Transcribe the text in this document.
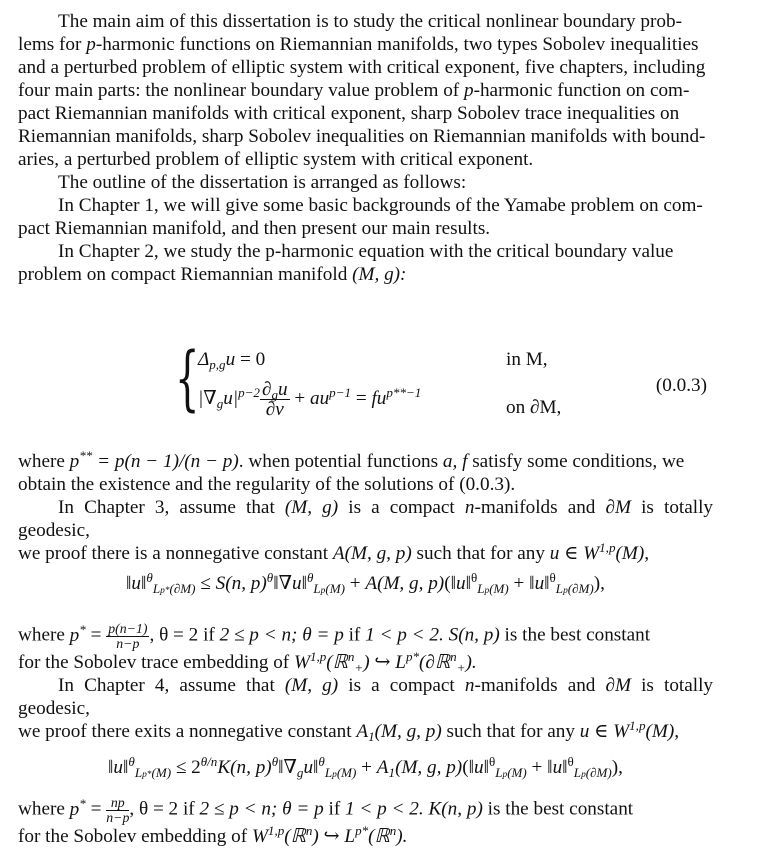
The main aim of this dissertation is to study the critical nonlinear boundary prob-

lems for p-harmonic functions on Riemannian manifolds, two types Sobolev inequalities

and a perturbed problem of elliptic system with critical exponent, five chapters, including

four main parts: the nonlinear boundary value problem of p-harmonic function on com-

pact Riemannian manifolds with critical exponent, sharp Sobolev trace inequalities on

Riemannian manifolds, sharp Sobolev inequalities on Riemannian manifolds with bound-

aries, a perturbed problem of elliptic system with critical exponent.

The outline of the dissertation is arranged as follows:

In Chapter 1, we will give some basic backgrounds of the Yamabe problem on com-

pact Riemannian manifold, and then present our main results.

In Chapter 2, we study the p-harmonic equation with the critical boundary value

problem on compact Riemannian manifold (M, g):

{
$\Delta_{p,g}u = 0$	in M,
$|\nabla_gu|^{p-2} \frac{\partial_gu}{\partial\nu} + au^{p-1} = fu^{p**-1}$
on ∂M,
(0.0.3)

where p** = p(n − 1)/(n − p). when potential functions a, f satisfy some conditions, we

obtain the existence and the regularity of the solutions of (0.0.3).

In Chapter 3, assume that (M, g) is a compact n-manifolds and ∂M is totally geodesic,

we proof there is a nonnegative constant A(M, g, p) such that for any u ∈ W$^{1,p}$(M),

‖u‖$^\theta_{Lp*(\partial M)}$ ≤ S(n, p)$^\theta$‖∇u‖$^\theta_{Lp(M)}$ + A(M, g, p)(‖u‖$^\theta_{Lp(M)}$ + ‖u‖$^\theta_{Lp(\partial M)}$),

where $p^* = \frac{p(n-1)}{n-p}$ , θ = 2 if 2 ≤ p < n; θ = p if 1 < p < 2. S(n, p) is the best constant

for the Sobolev trace embedding of W$^{1,p}$(ℝ$^n_+$) ↪ $L^{p*}(\partial ℝ^n_+)$.

In Chapter 4, assume that (M, g) is a compact n-manifolds and ∂M is totally geodesic,

we proof there exits a nonnegative constant $A_1(M$, g, p) such that for any u ∈ W$^{1,p}$(M),

‖u‖$^\theta_{Lp*(M)}$ ≤ $2^{\theta/n}K(n$, $p)^\theta‖\nabla_gu‖^\theta_{Lp(M)} + A_1(M$, g, p)(‖u‖$^\theta_{Lp(M)}$ + ‖u‖$^\theta_{Lp(\partial M)}$),

where $p^* = \frac{np}{n-p}$ , θ = 2 if 2 ≤ p < n; θ = p if 1 < p < 2. K(n, p) is the best constant

for the Sobolev embedding of W$^{1,p}$(ℝ$^n$) ↪ $L^{p*}(ℝ^n)$.
